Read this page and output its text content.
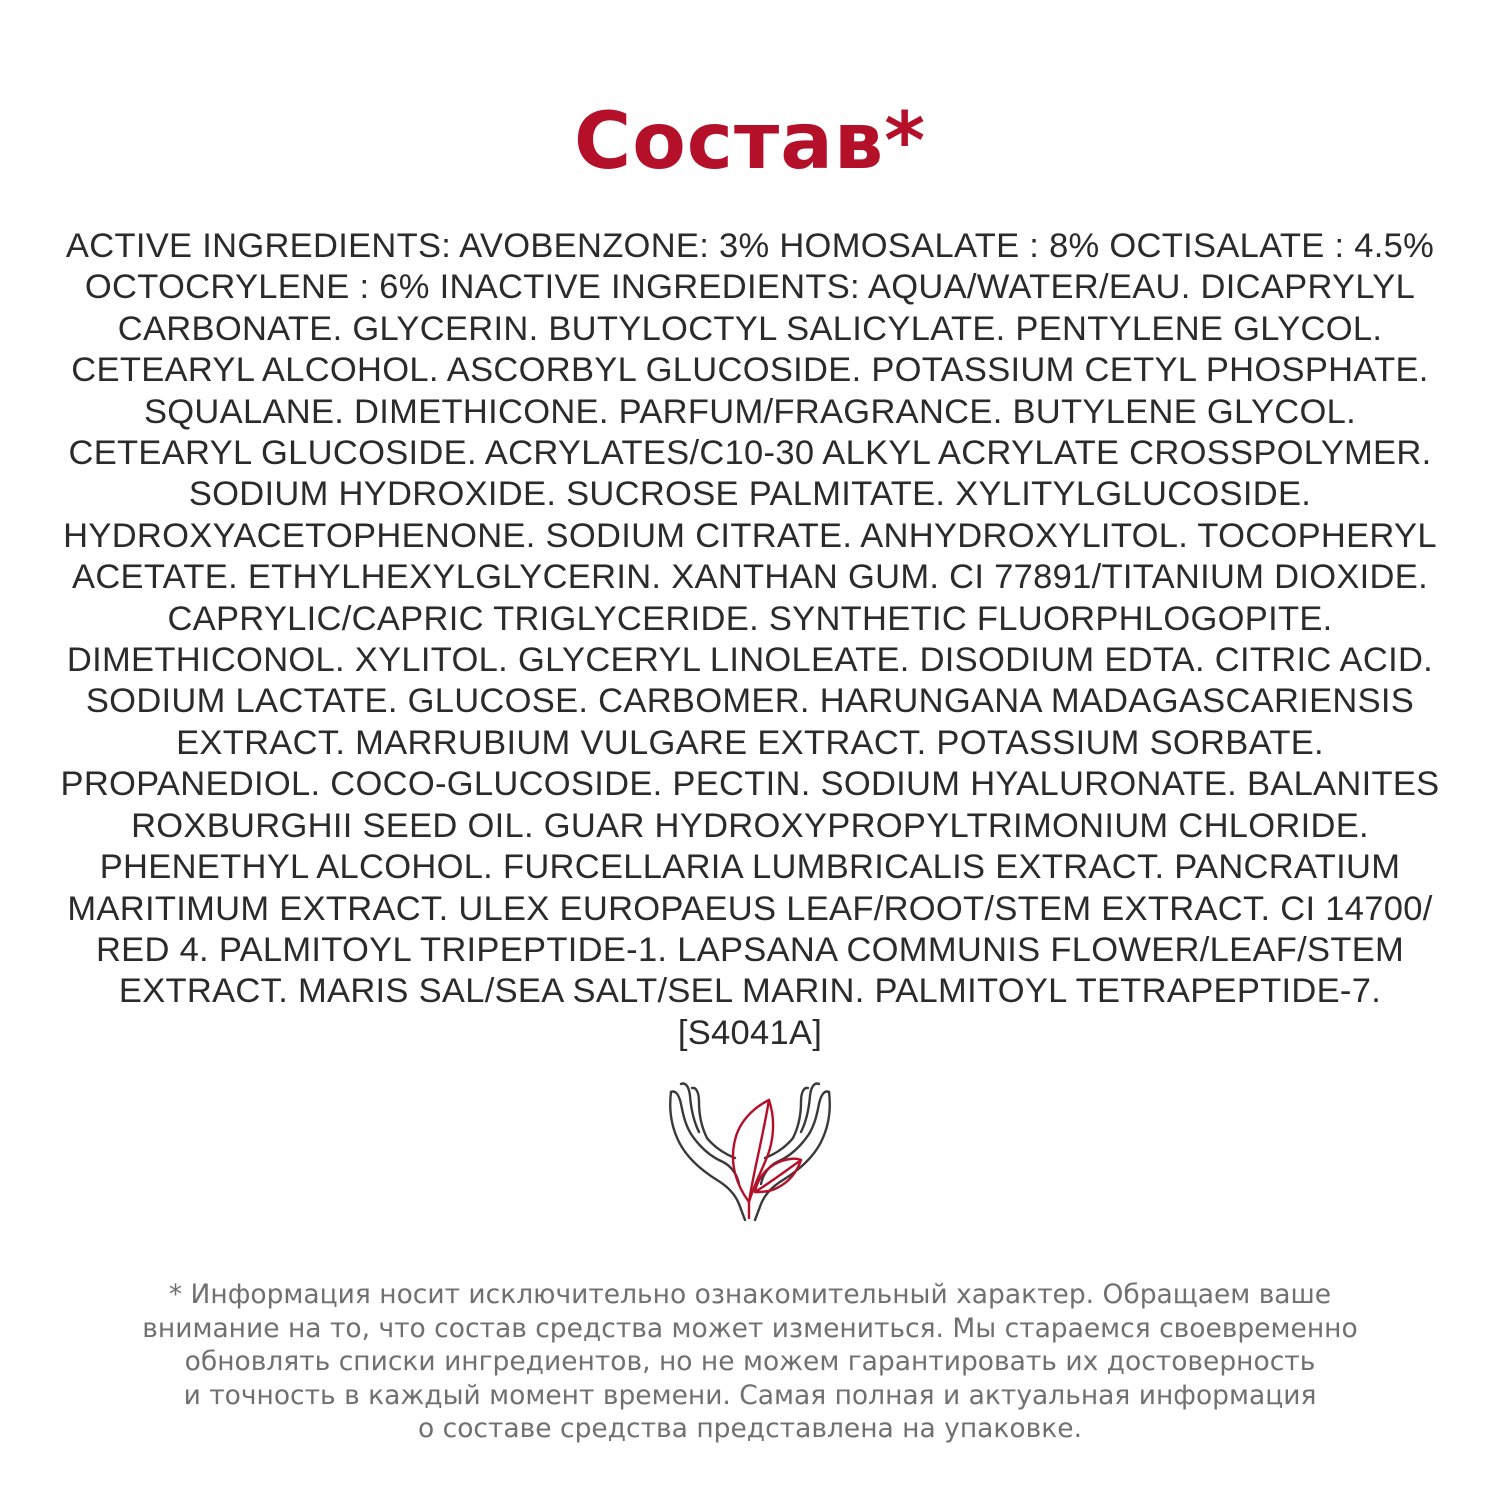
Состав*
ACTIVE INGREDIENTS: AVOBENZONE: 3% HOMOSALATE : 8% OCTISALATE : 4.5%
OCTOCRYLENE : 6% INACTIVE INGREDIENTS: AQUA/WATER/EAU. DICAPRYLYL
CARBONATE. GLYCERIN. BUTYLOCTYL SALICYLATE. PENTYLENE GLYCOL.
CETEARYL ALCOHOL. ASCORBYL GLUCOSIDE. POTASSIUM CETYL PHOSPHATE.
SQUALANE. DIMETHICONE. PARFUM/FRAGRANCE. BUTYLENE GLYCOL.
CETEARYL GLUCOSIDE. ACRYLATES/C10-30 ALKYL ACRYLATE CROSSPOLYMER.
SODIUM HYDROXIDE. SUCROSE PALMITATE. XYLITYLGLUCOSIDE.
HYDROXYACETOPHENONE. SODIUM CITRATE. ANHYDROXYLITOL. TOCOPHERYL
ACETATE. ETHYLHEXYLGLYCERIN. XANTHAN GUM. CI 77891/TITANIUM DIOXIDE.
CAPRYLIC/CAPRIC TRIGLYCERIDE. SYNTHETIC FLUORPHLOGOPITE.
DIMETHICONOL. XYLITOL. GLYCERYL LINOLEATE. DISODIUM EDTA. CITRIC ACID.
SODIUM LACTATE. GLUCOSE. CARBOMER. HARUNGANA MADAGASCARIENSIS
EXTRACT. MARRUBIUM VULGARE EXTRACT. POTASSIUM SORBATE.
PROPANEDIOL. COCO-GLUCOSIDE. PECTIN. SODIUM HYALURONATE. BALANITES
ROXBURGHII SEED OIL. GUAR HYDROXYPROPYLTRIMONIUM CHLORIDE.
PHENETHYL ALCOHOL. FURCELLARIA LUMBRICALIS EXTRACT. PANCRATIUM
MARITIMUM EXTRACT. ULEX EUROPAEUS LEAF/ROOT/STEM EXTRACT. CI 14700/
RED 4. PALMITOYL TRIPEPTIDE-1. LAPSANA COMMUNIS FLOWER/LEAF/STEM
EXTRACT. MARIS SAL/SEA SALT/SEL MARIN. PALMITOYL TETRAPEPTIDE-7.
[S4041A]
* Информация носит исключительно ознакомительный характер. Обращаем ваше
внимание на то, что состав средства может измениться. Мы стараемся своевременно
обновлять списки ингредиентов, но не можем гарантировать их достоверность
и точность в каждый момент времени. Самая полная и актуальная информация
о составе средства представлена на упаковке.
